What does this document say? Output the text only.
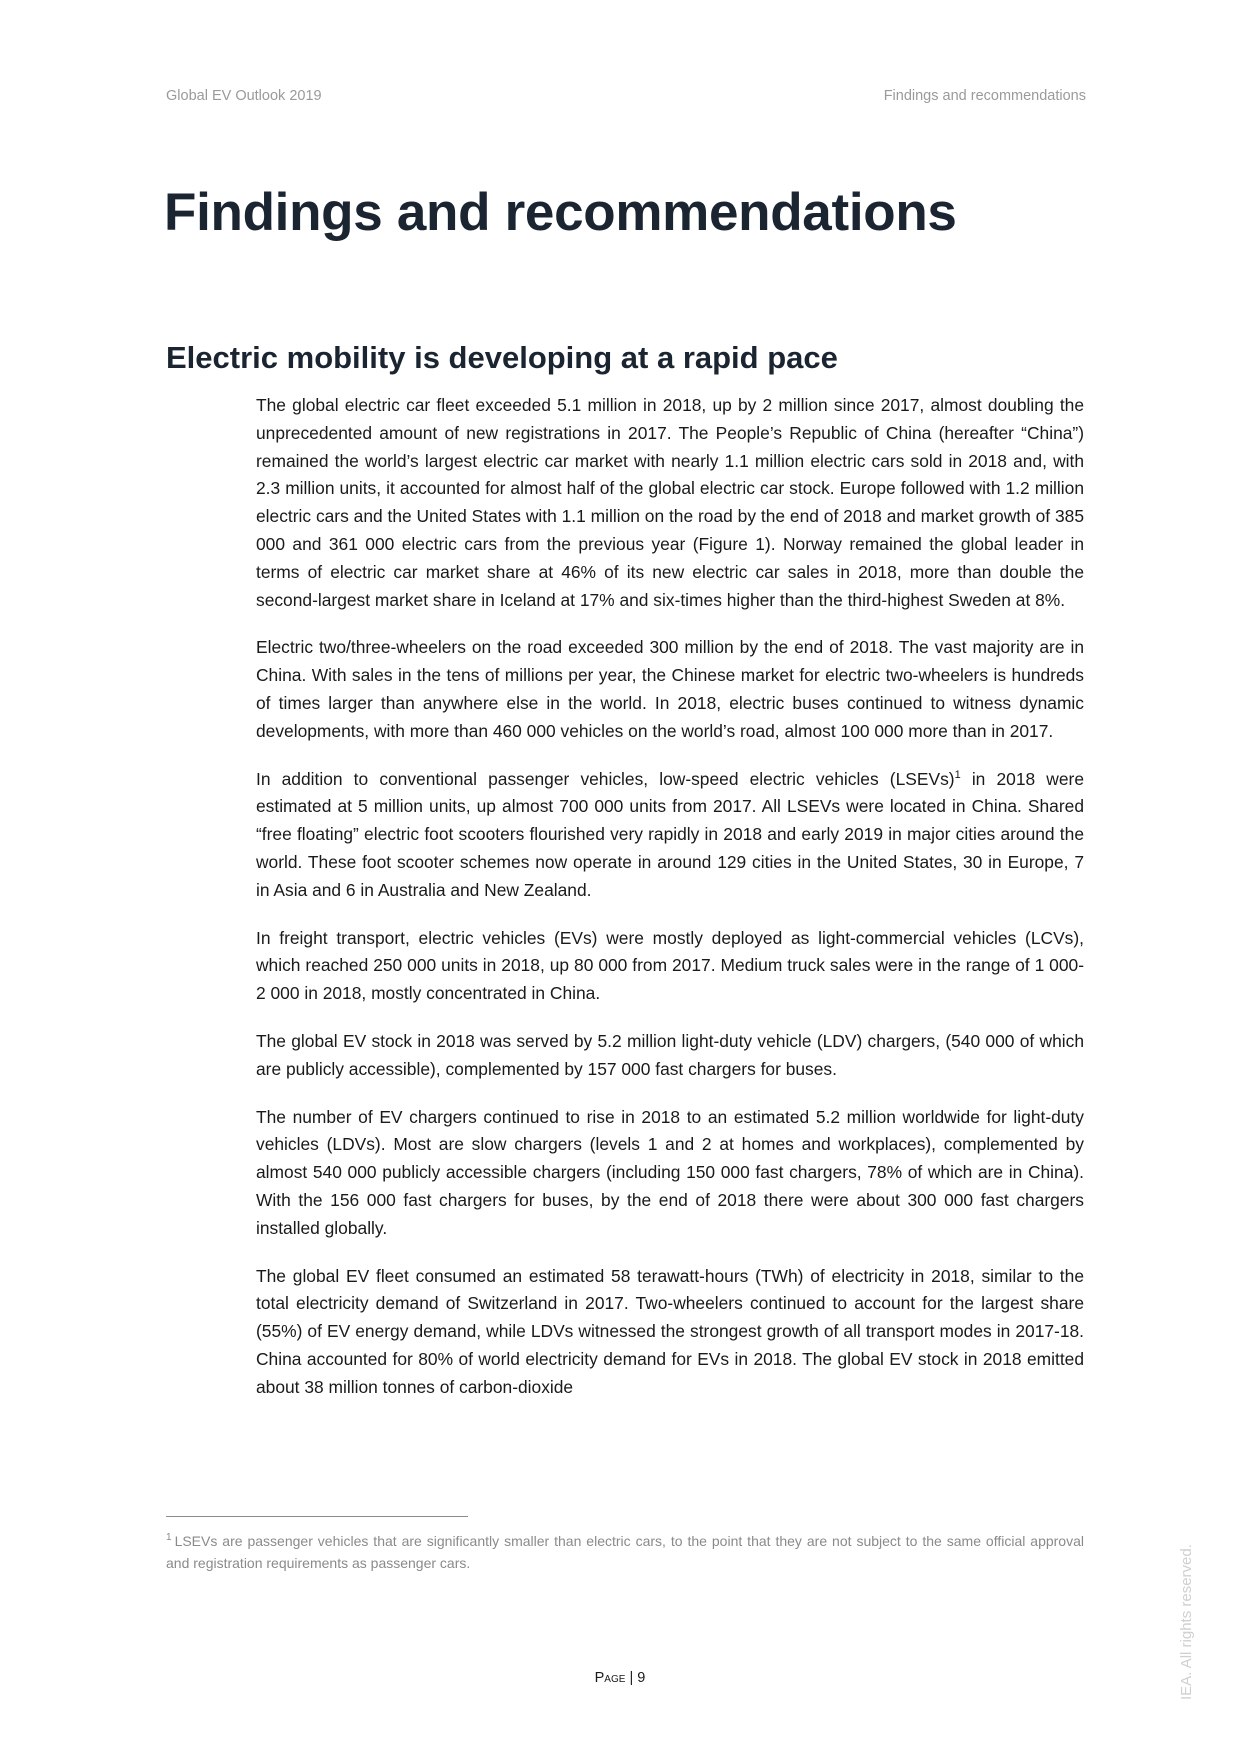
Global EV Outlook 2019	Findings and recommendations
Findings and recommendations
Electric mobility is developing at a rapid pace

The global electric car fleet exceeded 5.1 million in 2018, up by 2 million since 2017, almost doubling the unprecedented amount of new registrations in 2017. The People’s Republic of China (hereafter “China”) remained the world’s largest electric car market with nearly 1.1 million electric cars sold in 2018 and, with 2.3 million units, it accounted for almost half of the global electric car stock. Europe followed with 1.2 million electric cars and the United States with 1.1 million on the road by the end of 2018 and market growth of 385 000 and 361 000 electric cars from the previous year (Figure 1). Norway remained the global leader in terms of electric car market share at 46% of its new electric car sales in 2018, more than double the second-largest market share in Iceland at 17% and six-times higher than the third-highest Sweden at 8%.

Electric two/three-wheelers on the road exceeded 300 million by the end of 2018. The vast majority are in China. With sales in the tens of millions per year, the Chinese market for electric two-wheelers is hundreds of times larger than anywhere else in the world. In 2018, electric buses continued to witness dynamic developments, with more than 460 000 vehicles on the world’s road, almost 100 000 more than in 2017.

In addition to conventional passenger vehicles, low-speed electric vehicles (LSEVs)$^1$ in 2018 were estimated at 5 million units, up almost 700 000 units from 2017. All LSEVs were located in China. Shared “free floating” electric foot scooters flourished very rapidly in 2018 and early 2019 in major cities around the world. These foot scooter schemes now operate in around 129 cities in the United States, 30 in Europe, 7 in Asia and 6 in Australia and New Zealand.

In freight transport, electric vehicles (EVs) were mostly deployed as light-commercial vehicles (LCVs), which reached 250 000 units in 2018, up 80 000 from 2017. Medium truck sales were in the range of 1 000-2 000 in 2018, mostly concentrated in China.

The global EV stock in 2018 was served by 5.2 million light-duty vehicle (LDV) chargers, (540 000 of which are publicly accessible), complemented by 157 000 fast chargers for buses.

The number of EV chargers continued to rise in 2018 to an estimated 5.2 million worldwide for light-duty vehicles (LDVs). Most are slow chargers (levels 1 and 2 at homes and workplaces), complemented by almost 540 000 publicly accessible chargers (including 150 000 fast chargers, 78% of which are in China). With the 156 000 fast chargers for buses, by the end of 2018 there were about 300 000 fast chargers installed globally.

The global EV fleet consumed an estimated 58 terawatt-hours (TWh) of electricity in 2018, similar to the total electricity demand of Switzerland in 2017. Two-wheelers continued to account for the largest share (55%) of EV energy demand, while LDVs witnessed the strongest growth of all transport modes in 2017-18. China accounted for 80% of world electricity demand for EVs in 2018. The global EV stock in 2018 emitted about 38 million tonnes of carbon-dioxide

$^1$ LSEVs are passenger vehicles that are significantly smaller than electric cars, to the point that they are not subject to the same official approval and registration requirements as passenger cars.

Page | 9	IEA. All rights reserved.
